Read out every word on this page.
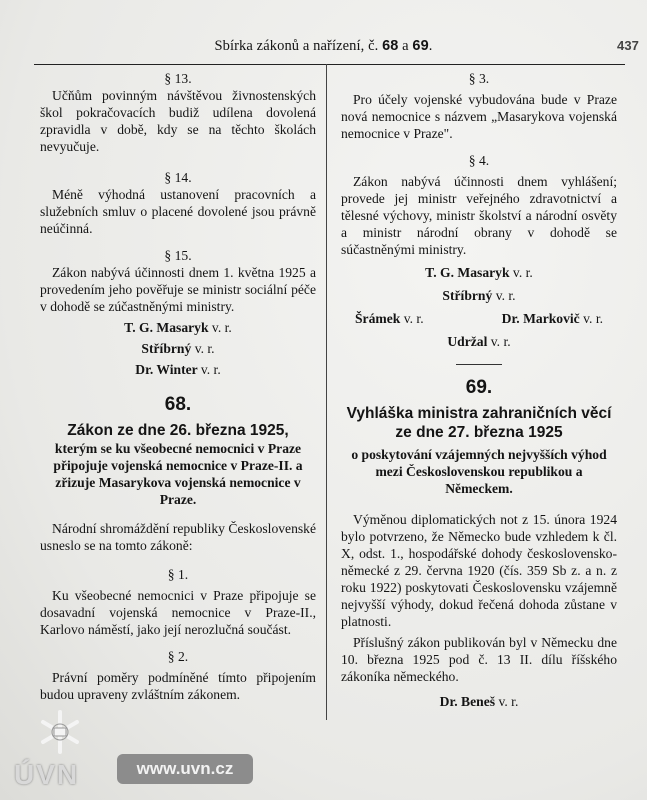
Sbírka zákonů a nařízení, č. 68 a 69.	437

§ 13.

Učňům povinným návštěvou živnostenských škol pokračovacích budiž udílena dovolená zpravidla v době, kdy se na těchto školách nevyučuje.

§ 14.

Méně výhodná ustanovení pracovních a služebních smluv o placené dovolené jsou právně neúčinná.

§ 15.

Zákon nabývá účinnosti dnem 1. května 1925 a provedením jeho pověřuje se ministr sociální péče v dohodě se zúčastněnými ministry.

T. G. Masaryk v. r.

Stříbrný v. r.

Dr. Winter v. r.

68.

Zákon ze dne 26. března 1925,

kterým se ku všeobecné nemocnici v Praze připojuje vojenská nemocnice v Praze-II. a zřizuje Masarykova vojenská nemocnice v Praze.

Národní shromáždění republiky Československé usneslo se na tomto zákoně:

§ 1.

Ku všeobecné nemocnici v Praze připojuje se dosavadní vojenská nemocnice v Praze-II., Karlovo náměstí, jako její nerozlučná součást.

§ 2.

Právní poměry podmíněné tímto připojením budou upraveny zvláštním zákonem.

§ 3.

Pro účely vojenské vybudována bude v Praze nová nemocnice s názvem „Masarykova vojenská nemocnice v Praze".

§ 4.

Zákon nabývá účinnosti dnem vyhlášení; provede jej ministr veřejného zdravotnictví a tělesné výchovy, ministr školství a národní osvěty a ministr národní obrany v dohodě se súčastněnými ministry.

T. G. Masaryk v. r.

Stříbrný v. r.

Šrámek v. r.	Dr. Markovič v. r.

Udržal v. r.

69.

Vyhláška ministra zahraničních věcí ze dne 27. března 1925

o poskytování vzájemných nejvyšších výhod mezi Československou republikou a Německem.

Výměnou diplomatických not z 15. února 1924 bylo potvrzeno, že Německo bude vzhledem k čl. X, odst. 1., hospodářské dohody československo-německé z 29. června 1920 (čís. 359 Sb z. a n. z roku 1922) poskytovati Československu vzájemně nejvyšší výhody, dokud řečená dohoda zůstane v platnosti.

Příslušný zákon publikován byl v Německu dne 10. března 1925 pod č. 13 II. dílu říšského zákoníka německého.

Dr. Beneš v. r.

ÚVN	www.uvn.cz
